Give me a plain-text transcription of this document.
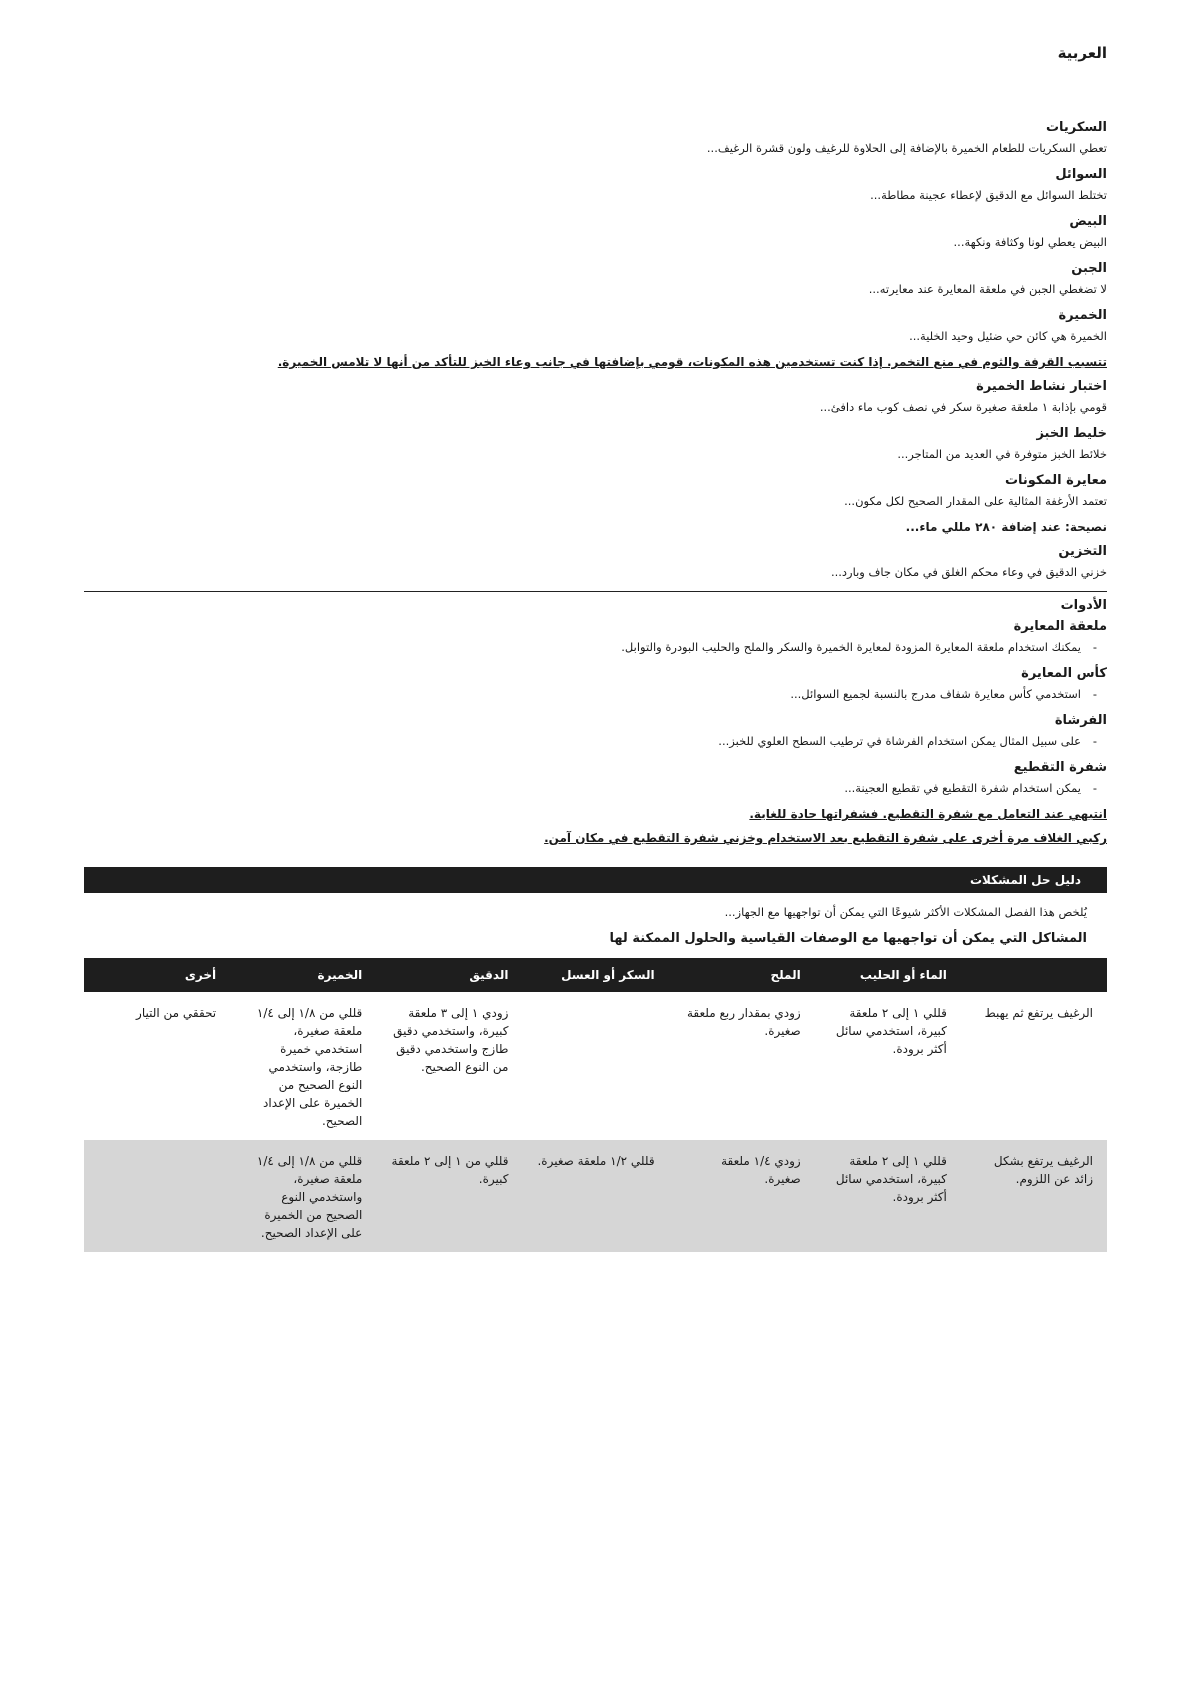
العربية
السكريات
تعطي السكريات للطعام الخميرة بالإضافة إلى الحلاوة للرغيف ولون قشرة الرغيف...
السوائل
تختلط السوائل مع الدقيق لإعطاء عجينة مطاطة...
البيض
البيض يعطي لونا وكثافة ونكهة...
الجبن
لا تضغطي الجبن في ملعقة المعايرة عند معايرته...
الخميرة
الخميرة هي كائن حي ضئيل وحيد الخلية...
تتسبب القرفة والثوم في منع التخمر. إذا كنت تستخدمين هذه المكونات، قومي بإضافتها في جانب وعاء الخبز للتأكد من أنها لا تلامس الخميرة.
اختبار نشاط الخميرة
قومي بإذابة ١ ملعقة صغيرة سكر في نصف كوب ماء دافئ...
خليط الخبز
خلائط الخبز متوفرة في العديد من المتاجر...
معايرة المكونات
تعتمد الأرغفة المثالية على المقدار الصحيح لكل مكون...
نصيحة: عند إضافة ٢٨٠ مللي ماء...
التخزين
خزني الدقيق في وعاء محكم الغلق في مكان جاف وبارد...
الأدوات
ملعقة المعايرة
- يمكنك استخدام ملعقة المعايرة المزودة لمعايرة الخميرة والسكر والملح والحليب البودرة والتوابل.
كأس المعايرة
- استخدمي كأس معايرة شفاف مدرج بالنسبة لجميع السوائل...
الفرشاة
- على سبيل المثال يمكن استخدام الفرشاة في ترطيب السطح العلوي للخبز...
شفرة التقطيع
- يمكن استخدام شفرة التقطيع في تقطيع العجينة...
انتبهي عند التعامل مع شفرة التقطيع. فشفراتها حادة للغاية.
ركبي الغلاف مرة أخرى على شفرة التقطيع بعد الاستخدام وخزني شفرة التقطيع في مكان آمن.
دليل حل المشكلات
يُلخص هذا الفصل المشكلات الأكثر شيوعًا التي يمكن أن تواجهيها مع الجهاز...
المشاكل التي يمكن أن تواجهيها مع الوصفات القياسية والحلول الممكنة لها
	الماء أو الحليب	الملح	السكر أو العسل	الدقيق	الخميرة	أخرى
الرغيف يرتفع ثم يهبط	قللي ١ إلى ٢ ملعقة كبيرة، استخدمي سائل أكثر برودة.	زودي بمقدار ربع ملعقة صغيرة.		زودي ١ إلى ٣ ملعقة كبيرة، واستخدمي دقيق طازج واستخدمي دقيق من النوع الصحيح.	قللي من ١/٨ إلى ١/٤ ملعقة صغيرة، استخدمي خميرة طازجة، واستخدمي النوع الصحيح من الخميرة على الإعداد الصحيح.	تحققي من التيار
الرغيف يرتفع بشكل زائد عن اللزوم.	قللي ١ إلى ٢ ملعقة كبيرة، استخدمي سائل أكثر برودة.	زودي ١/٤ ملعقة صغيرة.	قللي ١/٢ ملعقة صغيرة.	قللي من ١ إلى ٢ ملعقة كبيرة.	قللي من ١/٨ إلى ١/٤ ملعقة صغيرة، واستخدمي النوع الصحيح من الخميرة على الإعداد الصحيح.	
